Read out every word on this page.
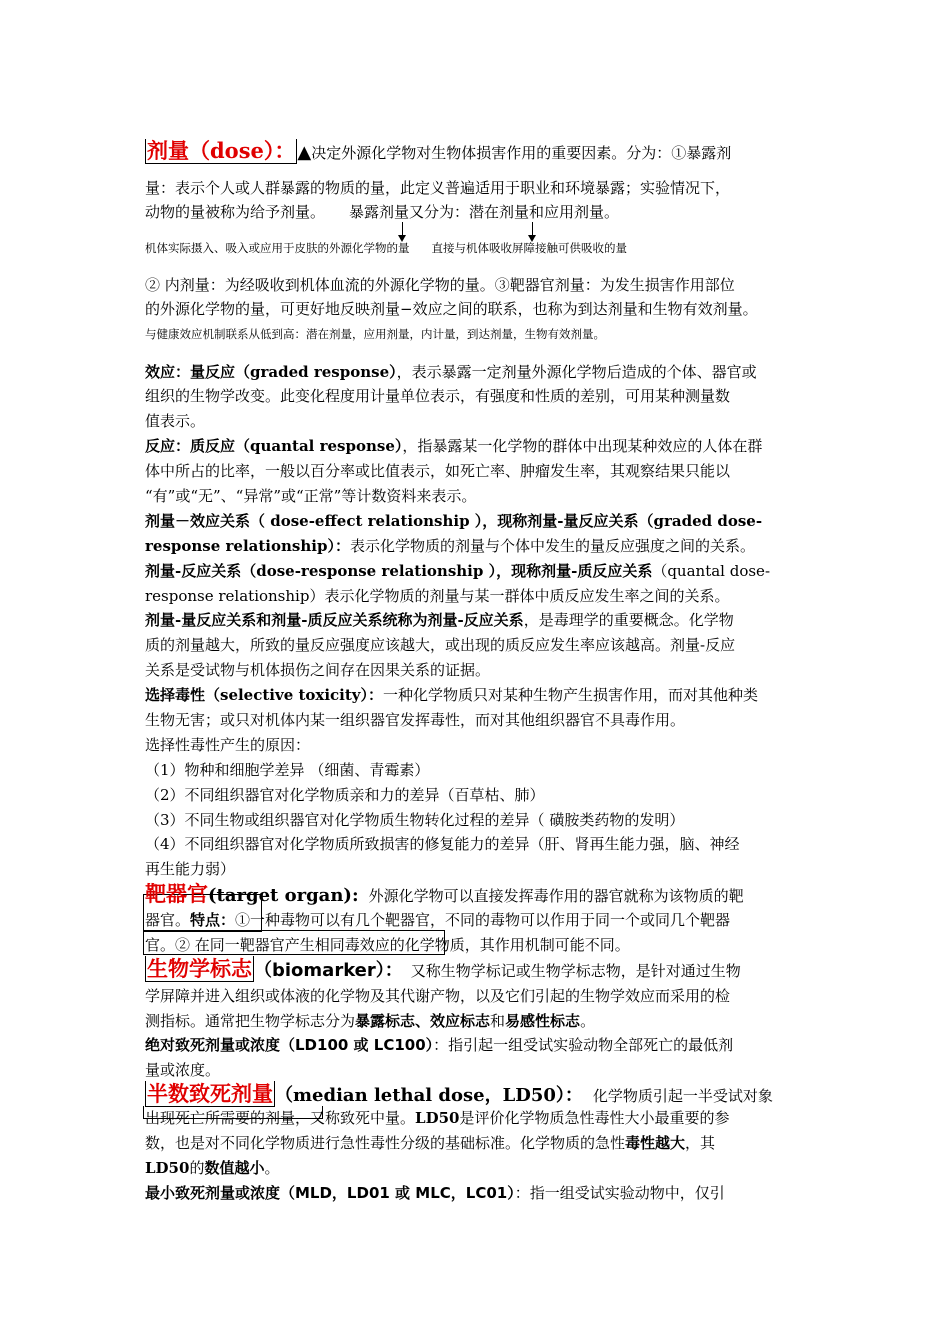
剂量（dose）： ▲决定外源化学物对生物体损害作用的重要因素。分为：①暴露剂
量：表示个人或人群暴露的物质的量，此定义普遍适用于职业和环境暴露；实验情况下，
动物的量被称为给予剂量。 暴露剂量又分为：潜在剂量和应用剂量。
机体实际摄入、吸入或应用于皮肤的外源化学物的量 直接与机体吸收屏障接触可供吸收的量
② 内剂量：为经吸收到机体血流的外源化学物的量。③靶器官剂量：为发生损害作用部位
的外源化学物的量，可更好地反映剂量−效应之间的联系，也称为到达剂量和生物有效剂量。
与健康效应机制联系从低到高：潜在剂量，应用剂量，内计量，到达剂量，生物有效剂量。
效应：量反应（graded response），表示暴露一定剂量外源化学物后造成的个体、器官或
组织的生物学改变。此变化程度用计量单位表示，有强度和性质的差别，可用某种测量数
值表示。
反应：质反应（quantal response），指暴露某一化学物的群体中出现某种效应的人体在群
体中所占的比率，一般以百分率或比值表示，如死亡率、肿瘤发生率，其观察结果只能以
“有”或“无”、“异常”或“正常”等计数资料来表示。
剂量－效应关系（ dose-effect relationship ），现称剂量-量反应关系（graded dose-
response relationship）：表示化学物质的剂量与个体中发生的量反应强度之间的关系。
剂量-反应关系（dose-response relationship ），现称剂量-质反应关系（quantal dose-
response relationship）表示化学物质的剂量与某一群体中质反应发生率之间的关系。
剂量-量反应关系和剂量-质反应关系统称为剂量-反应关系，是毒理学的重要概念。化学物
质的剂量越大，所致的量反应强度应该越大，或出现的质反应发生率应该越高。剂量-反应
关系是受试物与机体损伤之间存在因果关系的证据。
选择毒性（selective toxicity）：一种化学物质只对某种生物产生损害作用，而对其他种类
生物无害；或只对机体内某一组织器官发挥毒性，而对其他组织器官不具毒作用。
选择性毒性产生的原因：
（1）物种和细胞学差异 （细菌、青霉素）
（2）不同组织器官对化学物质亲和力的差异（百草枯、肺）
（3）不同生物或组织器官对化学物质生物转化过程的差异（ 磺胺类药物的发明）
（4）不同组织器官对化学物质所致损害的修复能力的差异（肝、肾再生能力强，脑、神经
再生能力弱）
靶器官(target organ): 外源化学物可以直接发挥毒作用的器官就称为该物质的靶
器官。特点：①一种毒物可以有几个靶器官，不同的毒物可以作用于同一个或同几个靶器
官。② 在同一靶器官产生相同毒效应的化学物质，其作用机制可能不同。
生物学标志 （biomarker）： 又称生物学标记或生物学标志物，是针对通过生物
学屏障并进入组织或体液的化学物及其代谢产物，以及它们引起的生物学效应而采用的检
测指标。通常把生物学标志分为暴露标志、效应标志和易感性标志。
绝对致死剂量或浓度（LD100 或 LC100）：指引起一组受试实验动物全部死亡的最低剂
量或浓度。
半数致死剂量 （median lethal dose，LD50）： 化学物质引起一半受试对象
出现死亡所需要的剂量，又称致死中量。LD50是评价化学物质急性毒性大小最重要的参
数，也是对不同化学物质进行急性毒性分级的基础标准。化学物质的急性毒性越大，其
LD50的数值越小。
最小致死剂量或浓度（MLD，LD01 或 MLC，LC01）：指一组受试实验动物中，仅引
